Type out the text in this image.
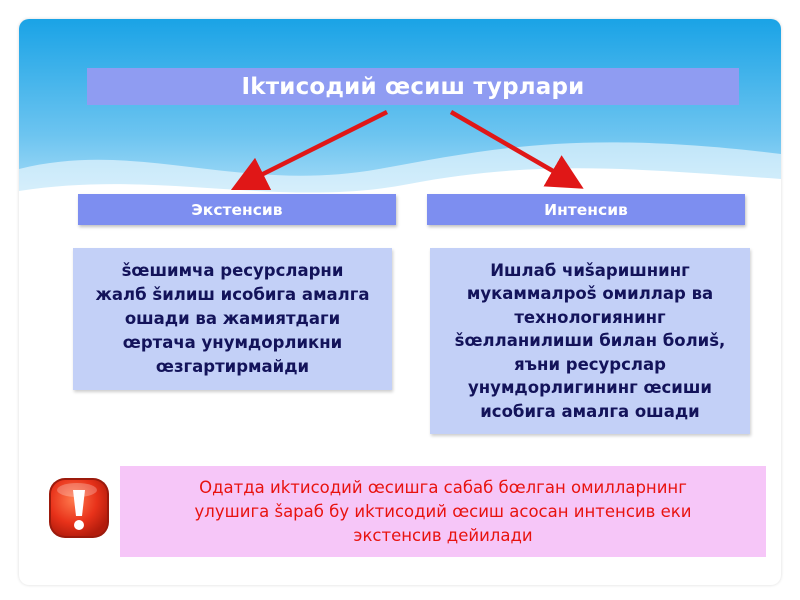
Ikтисодий œсиш турлари
Экстенсив	Интенсив
šœшимча ресурсларни
жалб šилиш исобига амалга
ошади ва жамиятдаги
œртача унумдорликни
œзгартирмайди
Ишлаб чиšаришнинг
мукаммалроš омиллар ва
технологиянинг
šœлланилиши билан болиš,
яъни ресурслар
унумдорлигининг œсиши
исобига амалга ошади
Одатда иkтисодий œсишга сабаб бœлган омилларнинг
улушига šараб бу иkтисодий œсиш асосан интенсив еки
экстенсив дейилади
